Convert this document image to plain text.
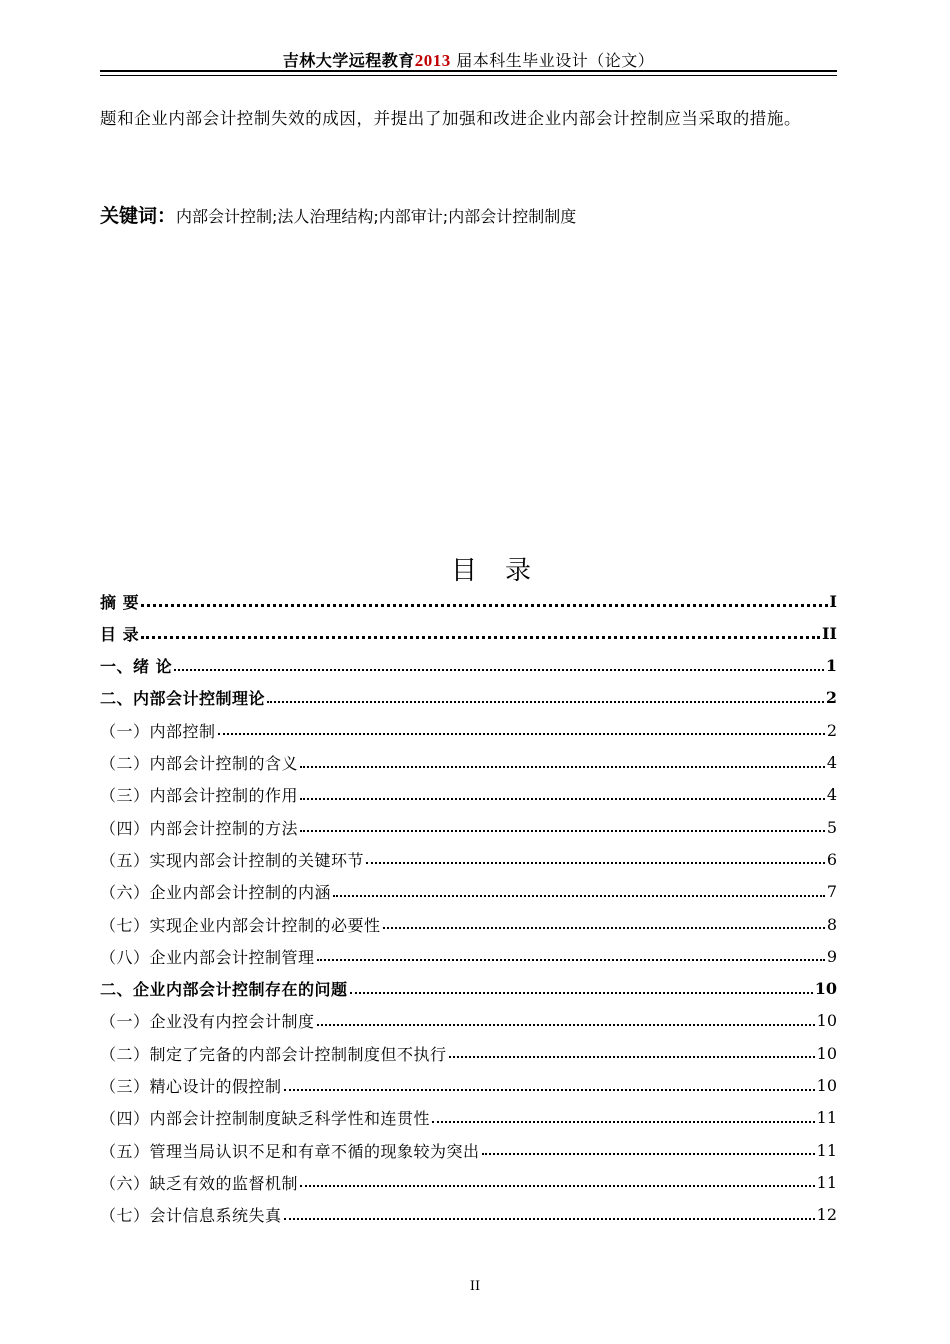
吉林大学远程教育2013 届本科生毕业设计（论文）
题和企业内部会计控制失效的成因，并提出了加强和改进企业内部会计控制应当采取的措施。
关键词：内部会计控制;法人治理结构;内部审计;内部会计控制制度
目录
摘 要	I
目 录	II
一、绪 论	1
二、内部会计控制理论	2
（一）内部控制	2
（二）内部会计控制的含义	4
（三）内部会计控制的作用	4
（四）内部会计控制的方法	5
（五）实现内部会计控制的关键环节	6
（六）企业内部会计控制的内涵	7
（七）实现企业内部会计控制的必要性	8
（八）企业内部会计控制管理	9
二、企业内部会计控制存在的问题	10
（一）企业没有内控会计制度	10
（二）制定了完备的内部会计控制制度但不执行	10
（三）精心设计的假控制	10
（四）内部会计控制制度缺乏科学性和连贯性	11
（五）管理当局认识不足和有章不循的现象较为突出	11
（六）缺乏有效的监督机制	11
（七）会计信息系统失真	12
II
